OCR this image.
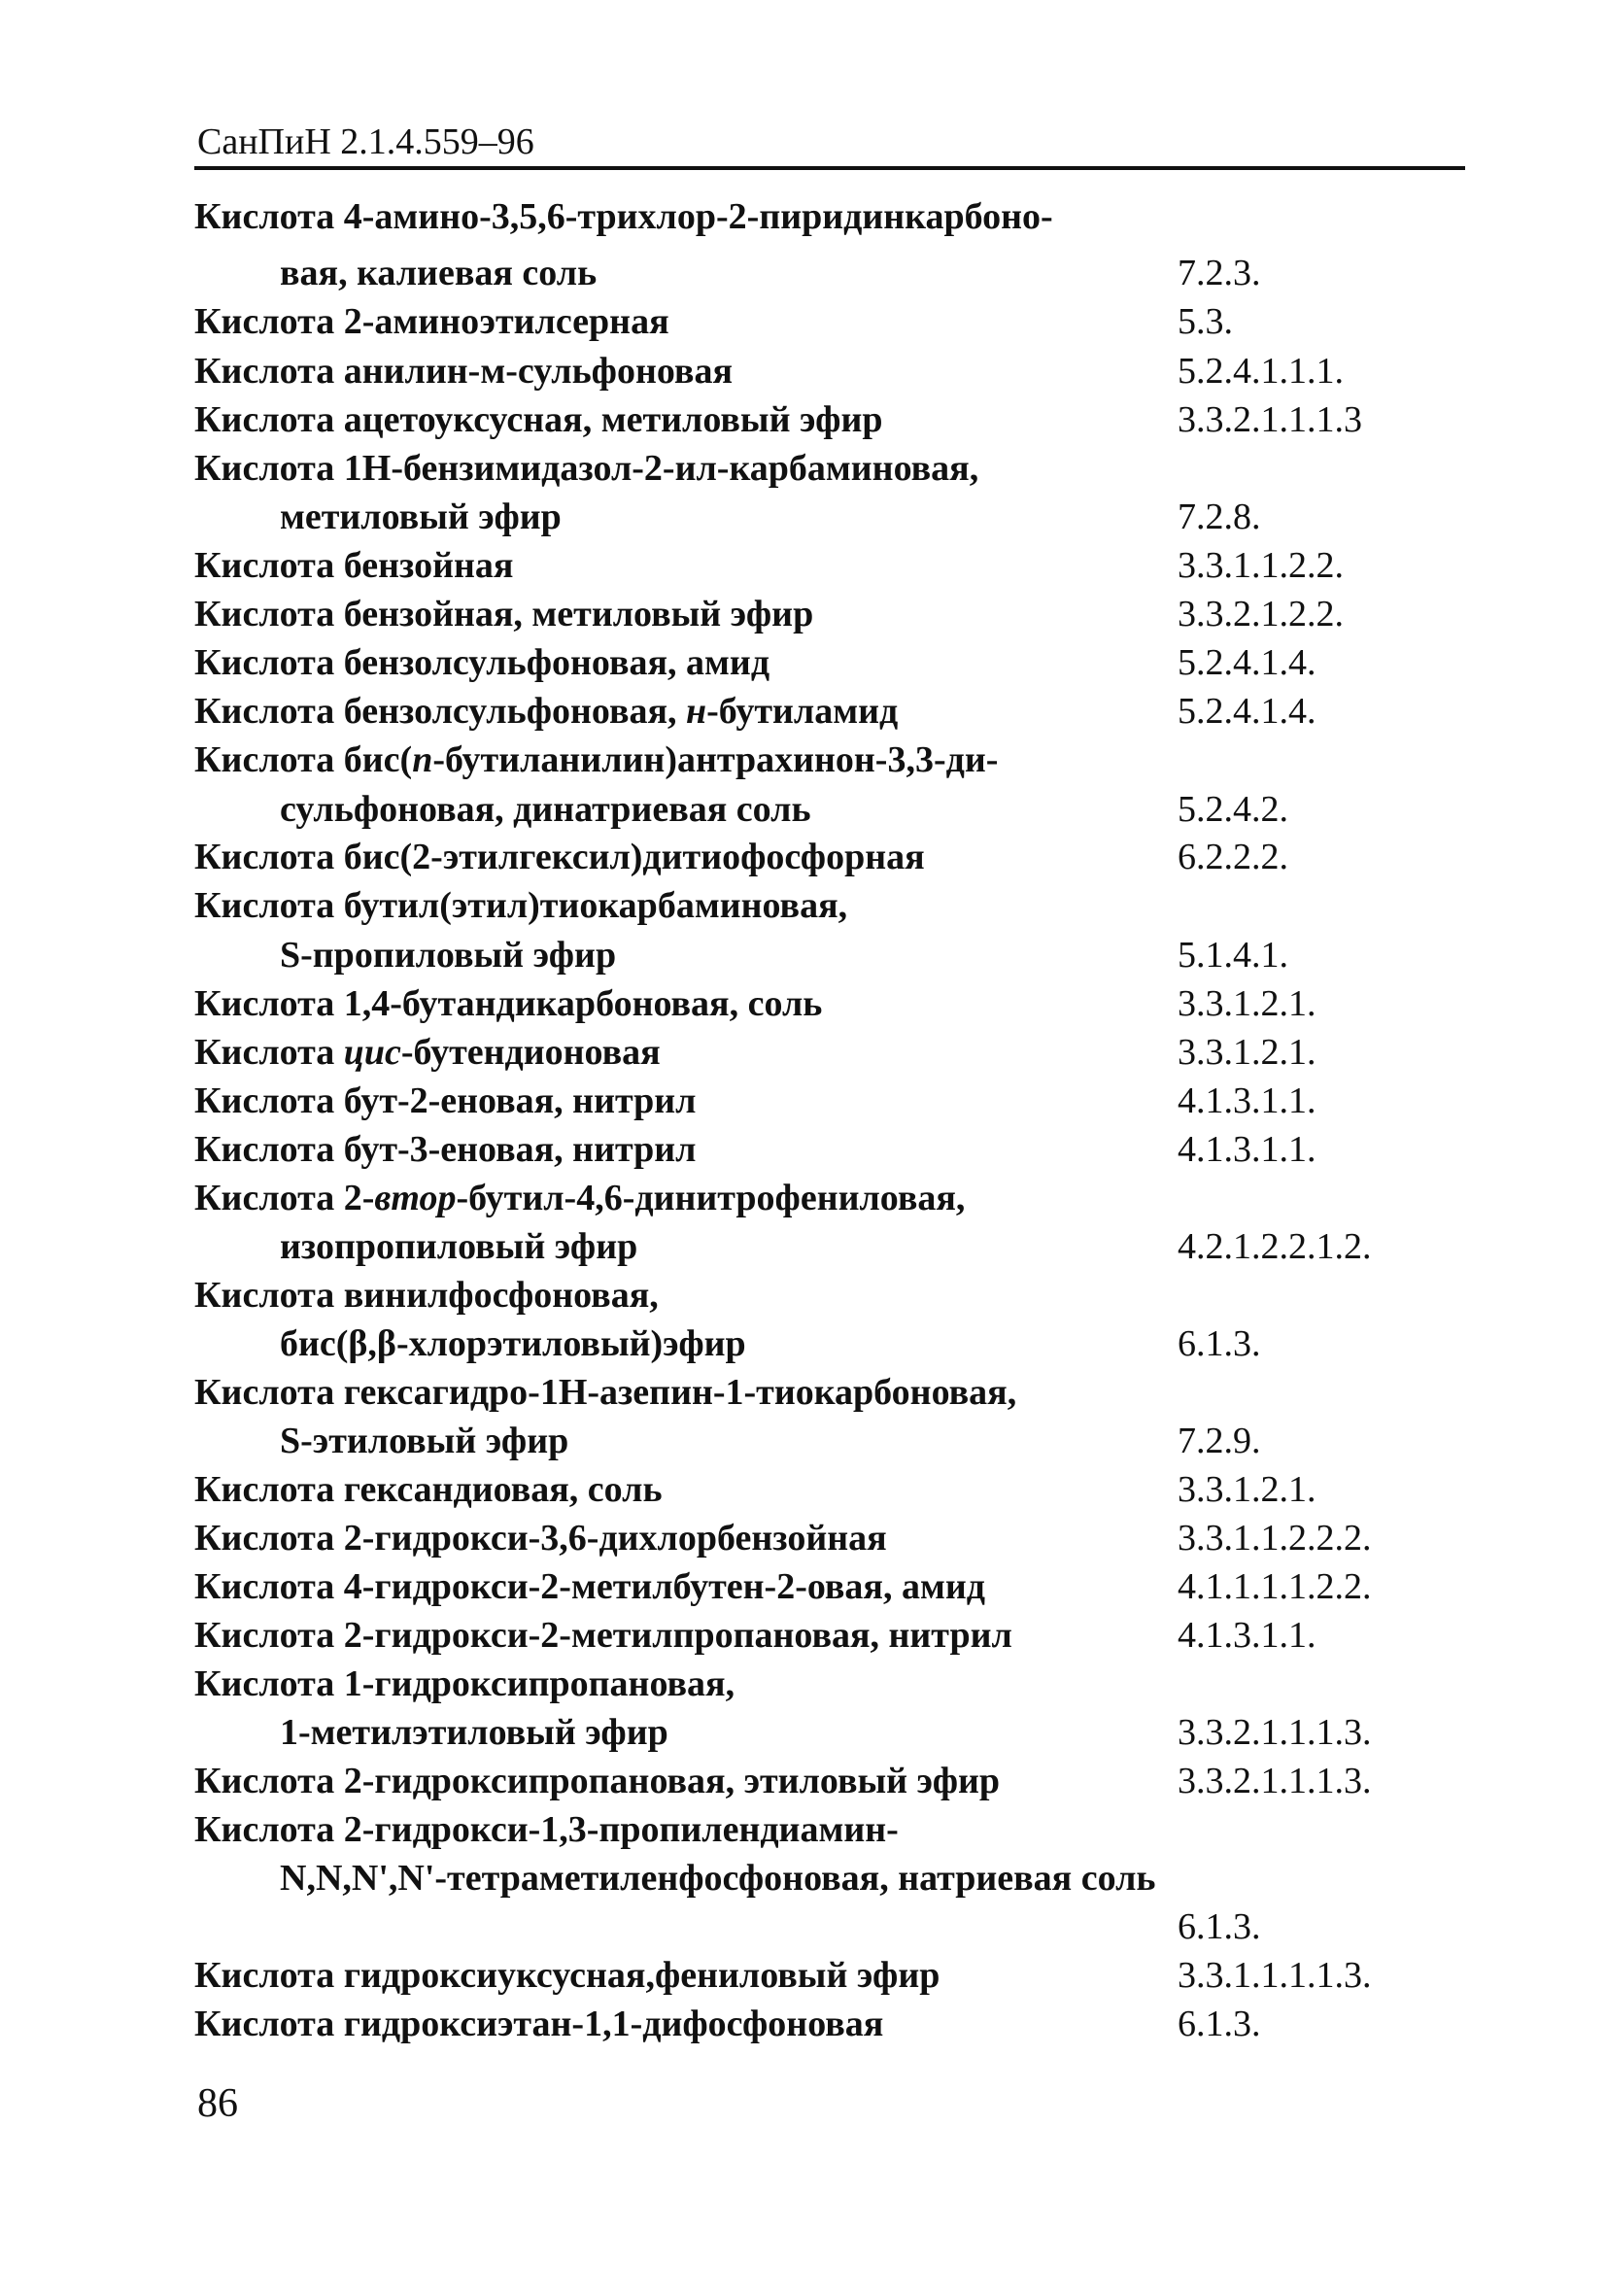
СанПиН 2.1.4.559–96
Кислота 4-амино-3,5,6-трихлор-2-пиридинкарбоно-
вая, калиевая соль	7.2.3.
Кислота 2-аминоэтилсерная	5.3.
Кислота анилин-м-сульфоновая	5.2.4.1.1.1.
Кислота ацетоуксусная, метиловый эфир	3.3.2.1.1.1.3
Кислота 1Н-бензимидазол-2-ил-карбаминовая,
метиловый эфир	7.2.8.
Кислота бензойная	3.3.1.1.2.2.
Кислота бензойная, метиловый эфир	3.3.2.1.2.2.
Кислота бензолсульфоновая, амид	5.2.4.1.4.
Кислота бензолсульфоновая, н-бутиламид	5.2.4.1.4.
Кислота бис(n-бутиланилин)антрахинон-3,3-ди-
сульфоновая, динатриевая соль	5.2.4.2.
Кислота бис(2-этилгексил)дитиофосфорная	6.2.2.2.
Кислота бутил(этил)тиокарбаминовая,
S-пропиловый эфир	5.1.4.1.
Кислота 1,4-бутандикарбоновая, соль	3.3.1.2.1.
Кислота цис-бутендионовая	3.3.1.2.1.
Кислота бут-2-еновая, нитрил	4.1.3.1.1.
Кислота бут-3-еновая, нитрил	4.1.3.1.1.
Кислота 2-втор-бутил-4,6-динитрофениловая,
изопропиловый эфир	4.2.1.2.2.1.2.
Кислота винилфосфоновая,
бис(β,β-хлорэтиловый)эфир	6.1.3.
Кислота гексагидро-1Н-азепин-1-тиокарбоновая,
S-этиловый эфир	7.2.9.
Кислота гександиовая, соль	3.3.1.2.1.
Кислота 2-гидрокси-3,6-дихлорбензойная	3.3.1.1.2.2.2.
Кислота 4-гидрокси-2-метилбутен-2-овая, амид	4.1.1.1.1.2.2.
Кислота 2-гидрокси-2-метилпропановая, нитрил	4.1.3.1.1.
Кислота 1-гидроксипропановая,
1-метилэтиловый эфир	3.3.2.1.1.1.3.
Кислота 2-гидроксипропановая, этиловый эфир	3.3.2.1.1.1.3.
Кислота 2-гидрокси-1,3-пропилендиамин-
N,N,N',N'-тетраметиленфосфоновая, натриевая соль
6.1.3.
Кислота гидроксиуксусная,фениловый эфир	3.3.1.1.1.1.3.
Кислота гидроксиэтан-1,1-дифосфоновая	6.1.3.
86
